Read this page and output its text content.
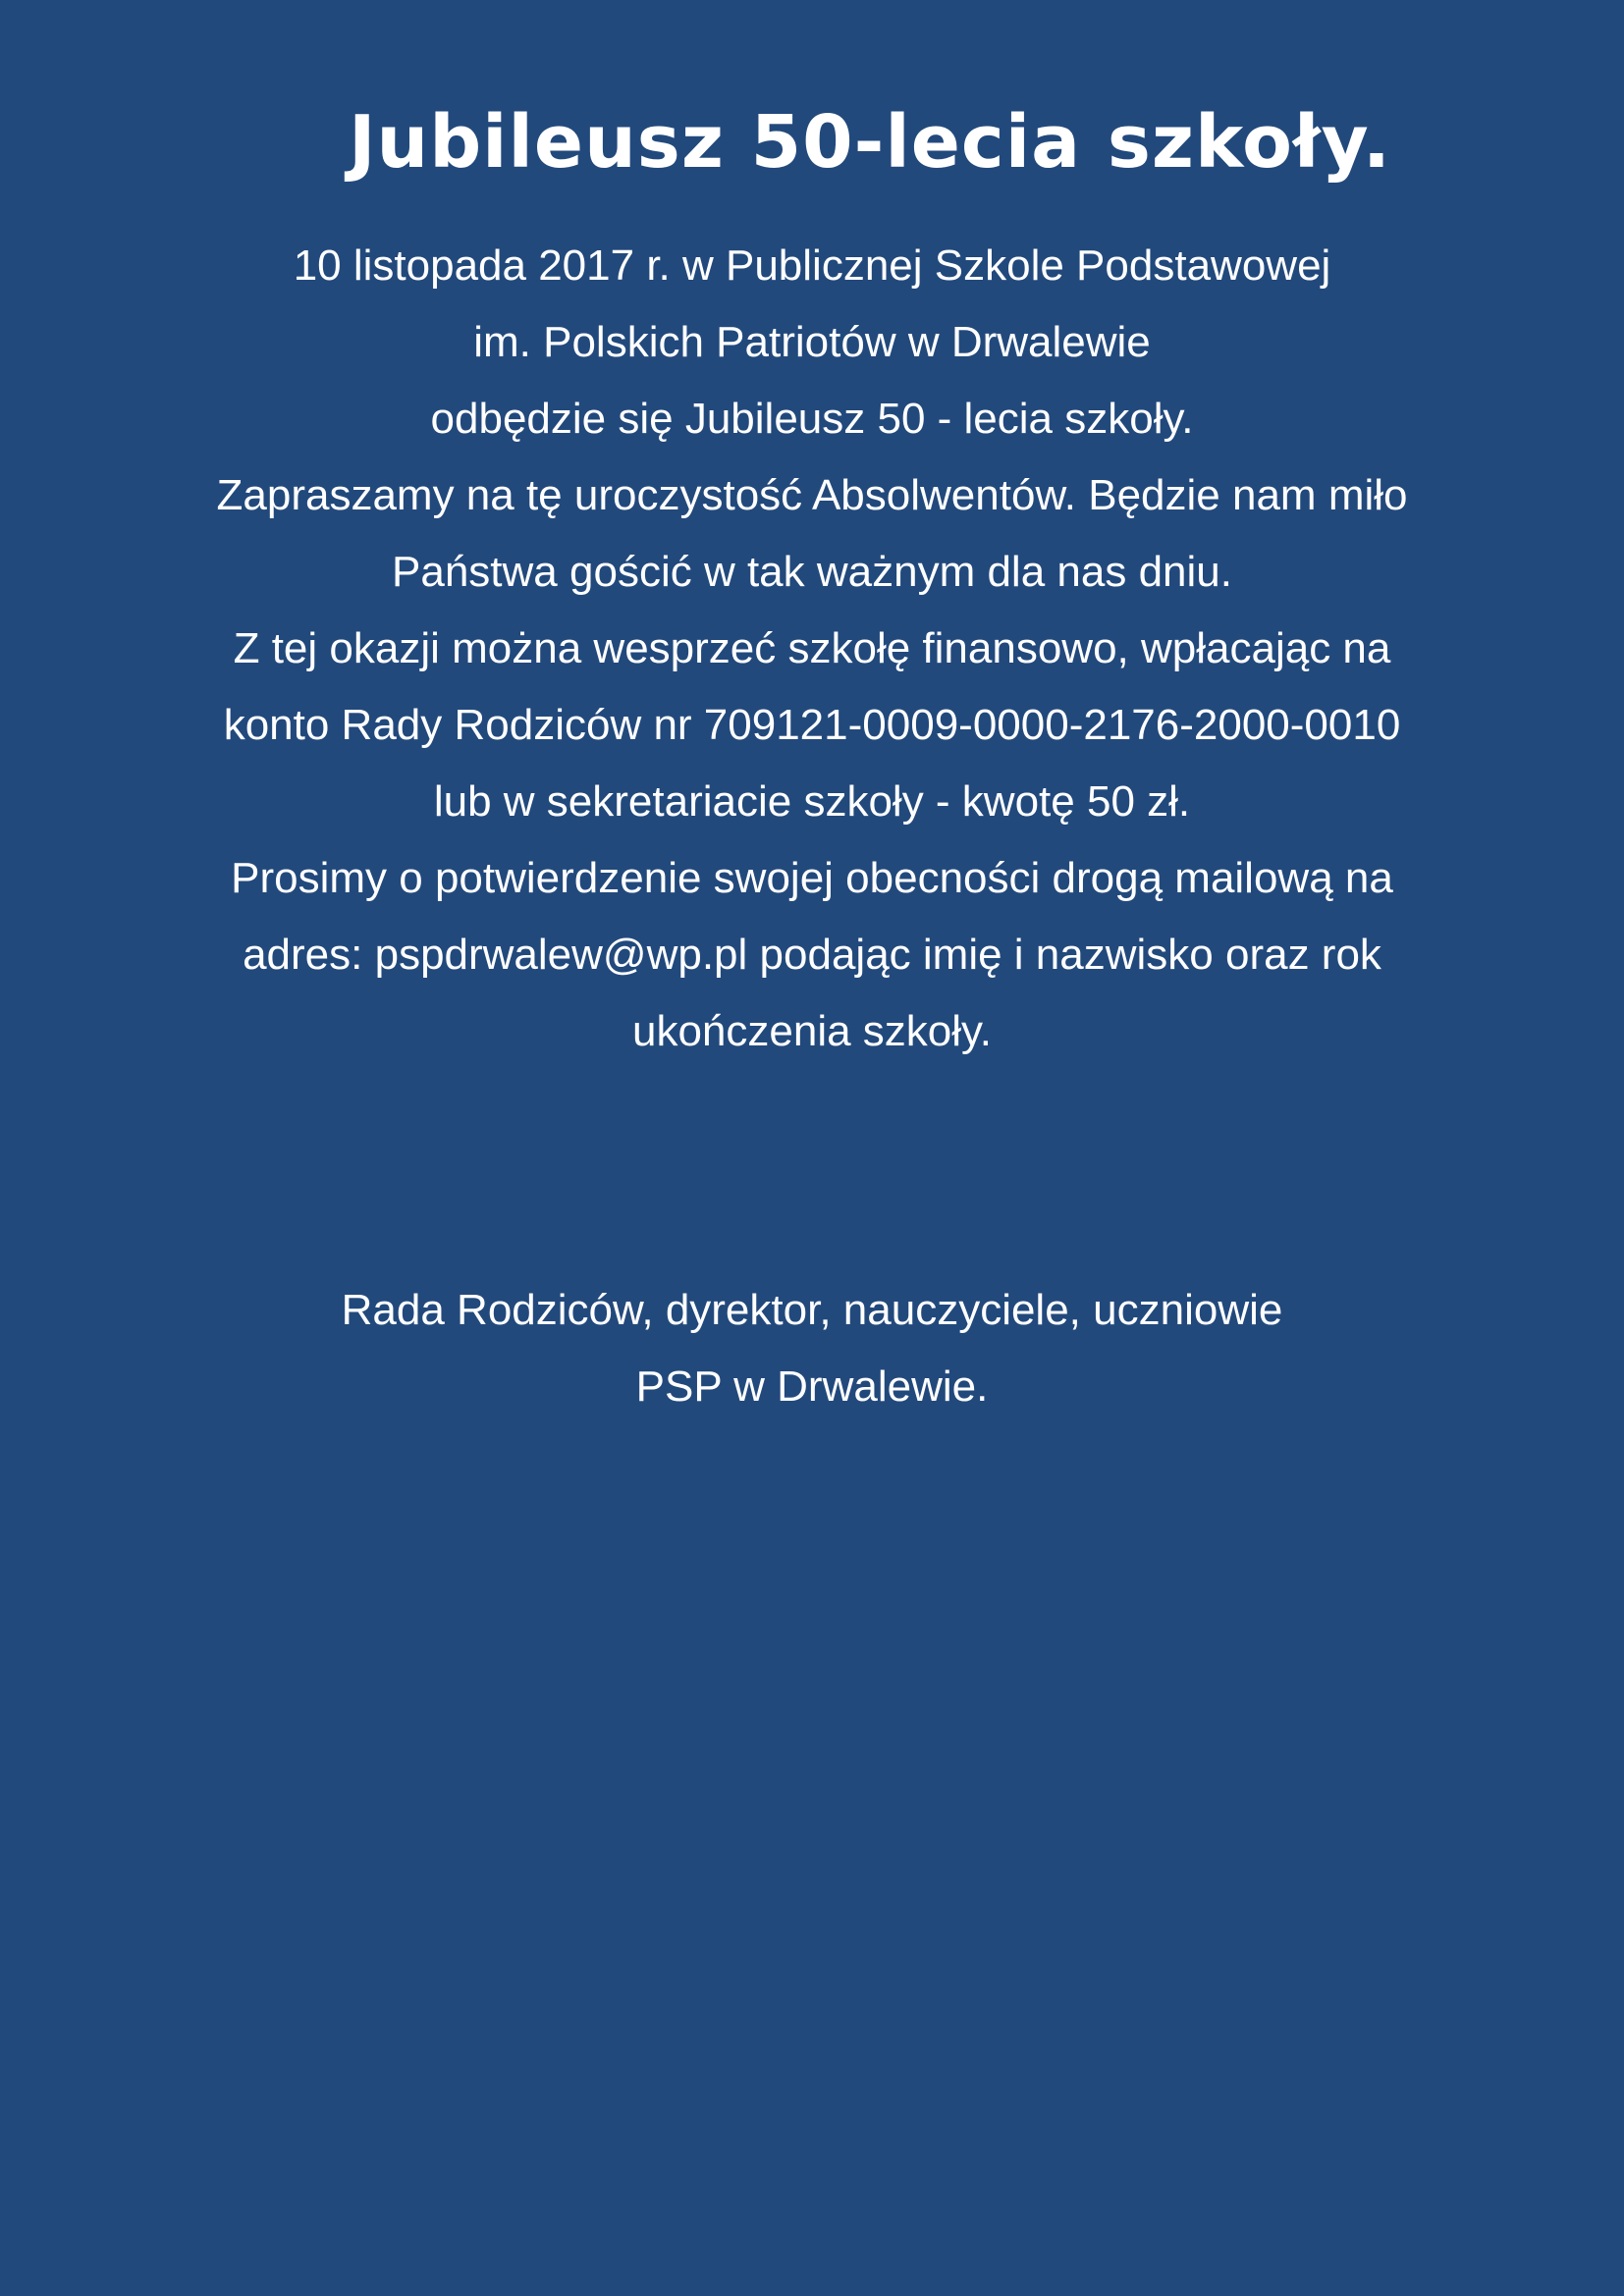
Jubileusz 50-lecia szkoły.
10 listopada 2017 r. w Publicznej Szkole Podstawowej
im. Polskich Patriotów w Drwalewie
odbędzie się Jubileusz 50 - lecia szkoły.
Zapraszamy na tę uroczystość Absolwentów. Będzie nam miło
Państwa gościć w tak ważnym dla nas dniu.
Z tej okazji można wesprzeć szkołę finansowo, wpłacając na
konto Rady Rodziców nr 709121-0009-0000-2176-2000-0010
lub w sekretariacie szkoły - kwotę 50 zł.
Prosimy o potwierdzenie swojej obecności drogą mailową na
adres: pspdrwalew@wp.pl podając imię i nazwisko oraz rok
ukończenia szkoły.
Rada Rodziców, dyrektor, nauczyciele, uczniowie
PSP w Drwalewie.
